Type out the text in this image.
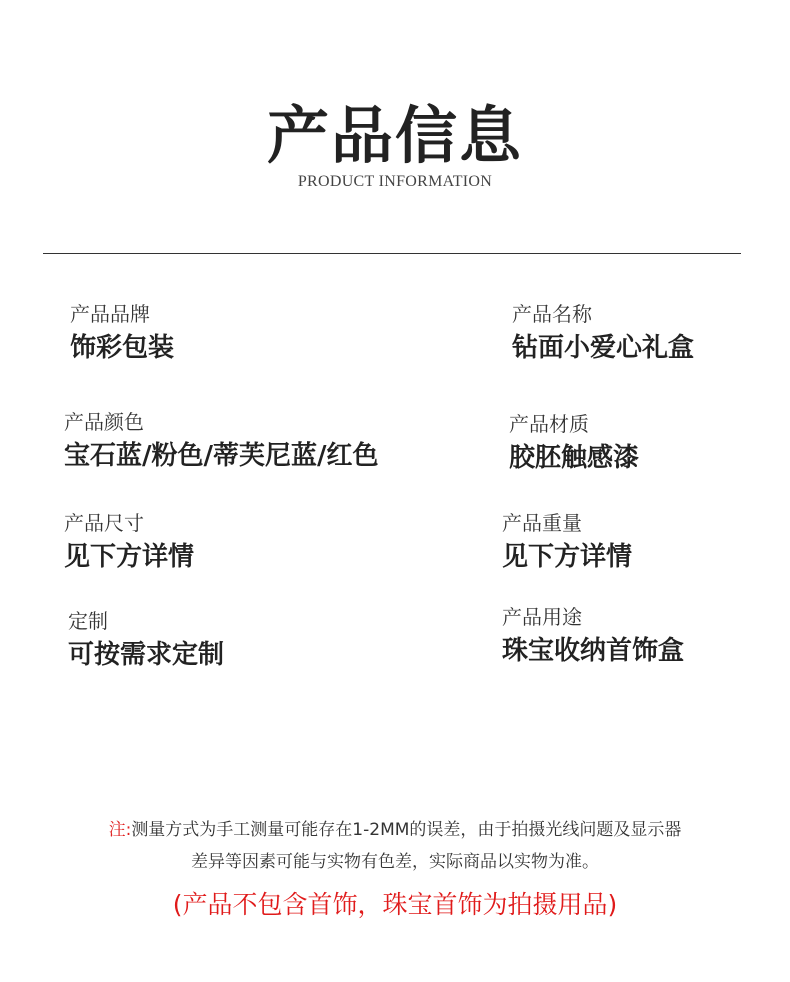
产品信息
PRODUCT INFORMATION
产品品牌
饰彩包装
产品名称
钻面小爱心礼盒
产品颜色
宝石蓝/粉色/蒂芙尼蓝/红色
产品材质
胶胚触感漆
产品尺寸
见下方详情
产品重量
见下方详情
定制
可按需求定制
产品用途
珠宝收纳首饰盒
注:测量方式为手工测量可能存在1-2MM的误差，由于拍摄光线问题及显示器
差异等因素可能与实物有色差，实际商品以实物为准。
(产品不包含首饰，珠宝首饰为拍摄用品)
